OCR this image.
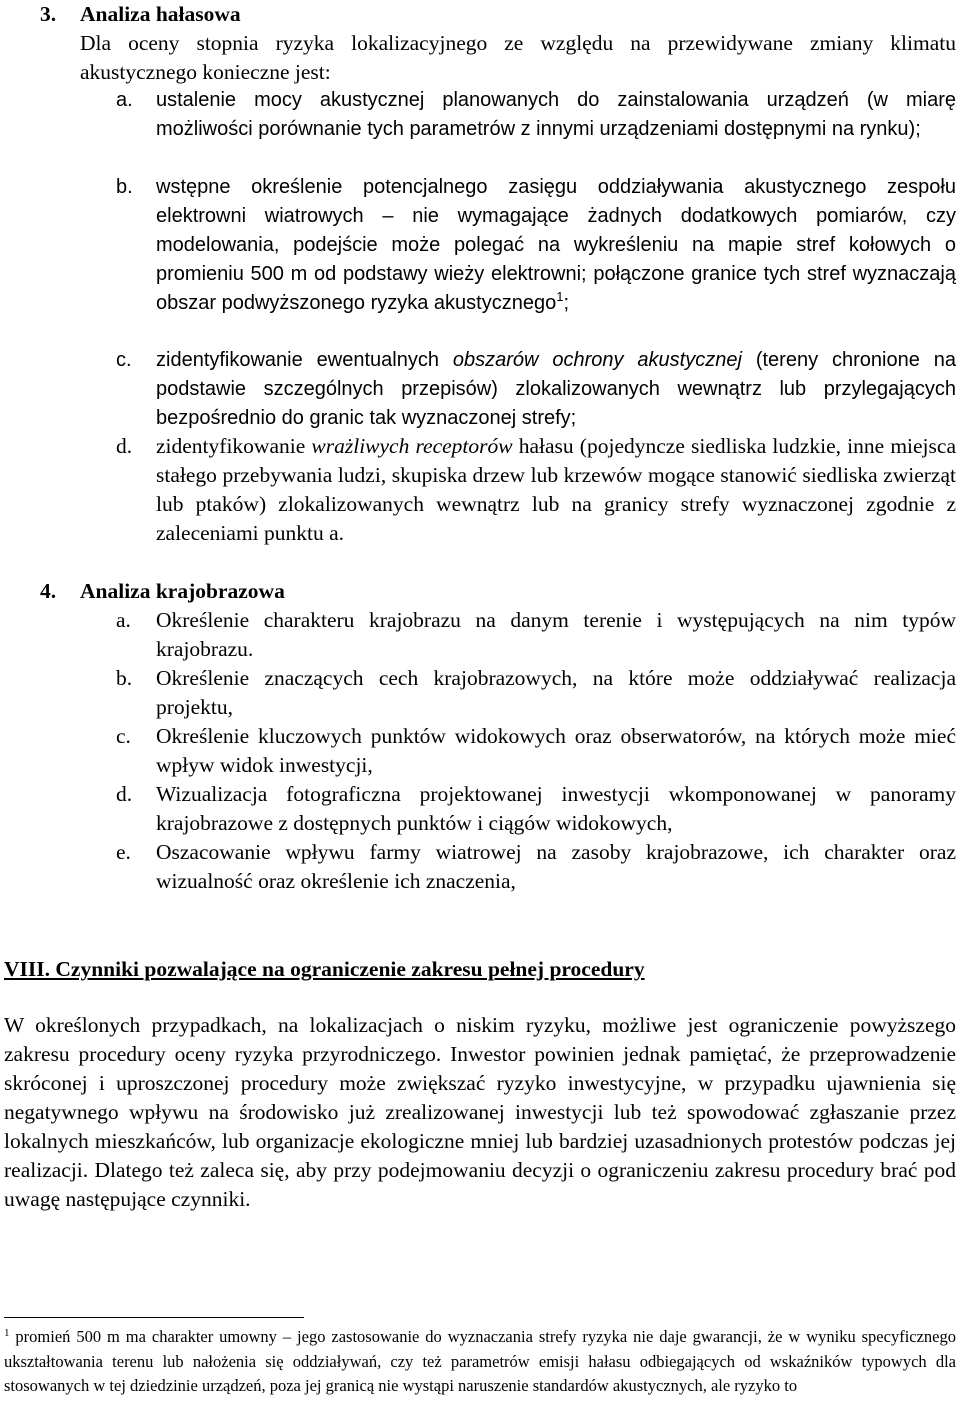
3. Analiza hałasowa
Dla oceny stopnia ryzyka lokalizacyjnego ze względu na przewidywane zmiany klimatu akustycznego konieczne jest:
a. ustalenie mocy akustycznej planowanych do zainstalowania urządzeń (w miarę możliwości porównanie tych parametrów z innymi urządzeniami dostępnymi na rynku);
b. wstępne określenie potencjalnego zasięgu oddziaływania akustycznego zespołu elektrowni wiatrowych – nie wymagające żadnych dodatkowych pomiarów, czy modelowania, podejście może polegać na wykreśleniu na mapie stref kołowych o promieniu 500 m od podstawy wieży elektrowni; połączone granice tych stref wyznaczają obszar podwyższonego ryzyka akustycznego$^1$;
c. zidentyfikowanie ewentualnych obszarów ochrony akustycznej (tereny chronione na podstawie szczególnych przepisów) zlokalizowanych wewnątrz lub przylegających bezpośrednio do granic tak wyznaczonej strefy;
d. zidentyfikowanie wrażliwych receptorów hałasu (pojedyncze siedliska ludzkie, inne miejsca stałego przebywania ludzi, skupiska drzew lub krzewów mogące stanowić siedliska zwierząt lub ptaków) zlokalizowanych wewnątrz lub na granicy strefy wyznaczonej zgodnie z zaleceniami punktu a.
4. Analiza krajobrazowa
a. Określenie charakteru krajobrazu na danym terenie i występujących na nim typów krajobrazu.
b. Określenie znaczących cech krajobrazowych, na które może oddziaływać realizacja projektu,
c. Określenie kluczowych punktów widokowych oraz obserwatorów, na których może mieć wpływ widok inwestycji,
d. Wizualizacja fotograficzna projektowanej inwestycji wkomponowanej w panoramy krajobrazowe z dostępnych punktów i ciągów widokowych,
e. Oszacowanie wpływu farmy wiatrowej na zasoby krajobrazowe, ich charakter oraz wizualność oraz określenie ich znaczenia,
VIII. Czynniki pozwalające na ograniczenie zakresu pełnej procedury
W określonych przypadkach, na lokalizacjach o niskim ryzyku, możliwe jest ograniczenie powyższego zakresu procedury oceny ryzyka przyrodniczego. Inwestor powinien jednak pamiętać, że przeprowadzenie skróconej i uproszczonej procedury może zwiększać ryzyko inwestycyjne, w przypadku ujawnienia się negatywnego wpływu na środowisko już zrealizowanej inwestycji lub też spowodować zgłaszanie przez lokalnych mieszkańców, lub organizacje ekologiczne mniej lub bardziej uzasadnionych protestów podczas jej realizacji. Dlatego też zaleca się, aby przy podejmowaniu decyzji o ograniczeniu zakresu procedury brać pod uwagę następujące czynniki.
$^1$ promień 500 m ma charakter umowny – jego zastosowanie do wyznaczania strefy ryzyka nie daje gwarancji, że w wyniku specyficznego ukształtowania terenu lub nałożenia się oddziaływań, czy też parametrów emisji hałasu odbiegających od wskaźników typowych dla stosowanych w tej dziedzinie urządzeń, poza jej granicą nie wystąpi naruszenie standardów akustycznych, ale ryzyko to
